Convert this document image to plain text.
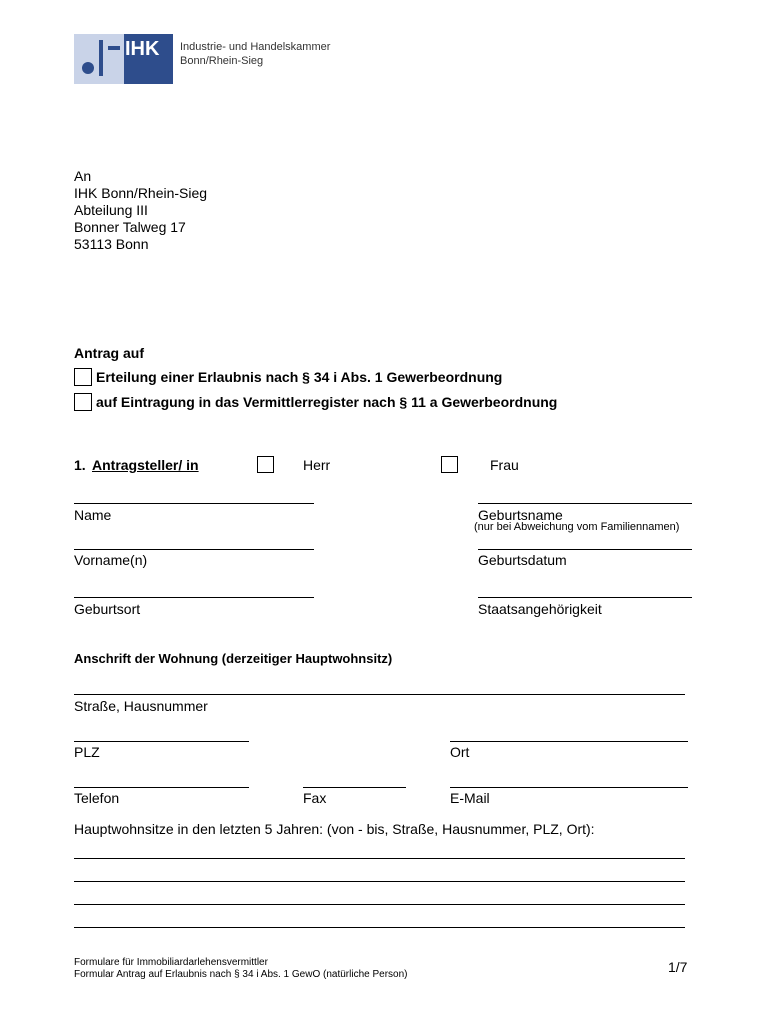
IHK Industrie- und Handelskammer
Bonn/Rhein-Sieg
An
IHK Bonn/Rhein-Sieg
Abteilung III
Bonner Talweg 17
53113 Bonn
Antrag auf
Erteilung einer Erlaubnis nach § 34 i Abs. 1 Gewerbeordnung
auf Eintragung in das Vermittlerregister nach § 11 a Gewerbeordnung
1. Antragsteller/ in	Herr	Frau
Name	Geburtsname
(nur bei Abweichung vom Familiennamen)
Vorname(n)	Geburtsdatum
Geburtsort	Staatsangehörigkeit
Anschrift der Wohnung (derzeitiger Hauptwohnsitz)
Straße, Hausnummer
PLZ	Ort
Telefon	Fax	E-Mail
Hauptwohnsitze in den letzten 5 Jahren: (von - bis, Straße, Hausnummer, PLZ, Ort):
Formulare für Immobiliardarlehensvermittler
Formular Antrag auf Erlaubnis nach § 34 i Abs. 1 GewO (natürliche Person)	1/7
